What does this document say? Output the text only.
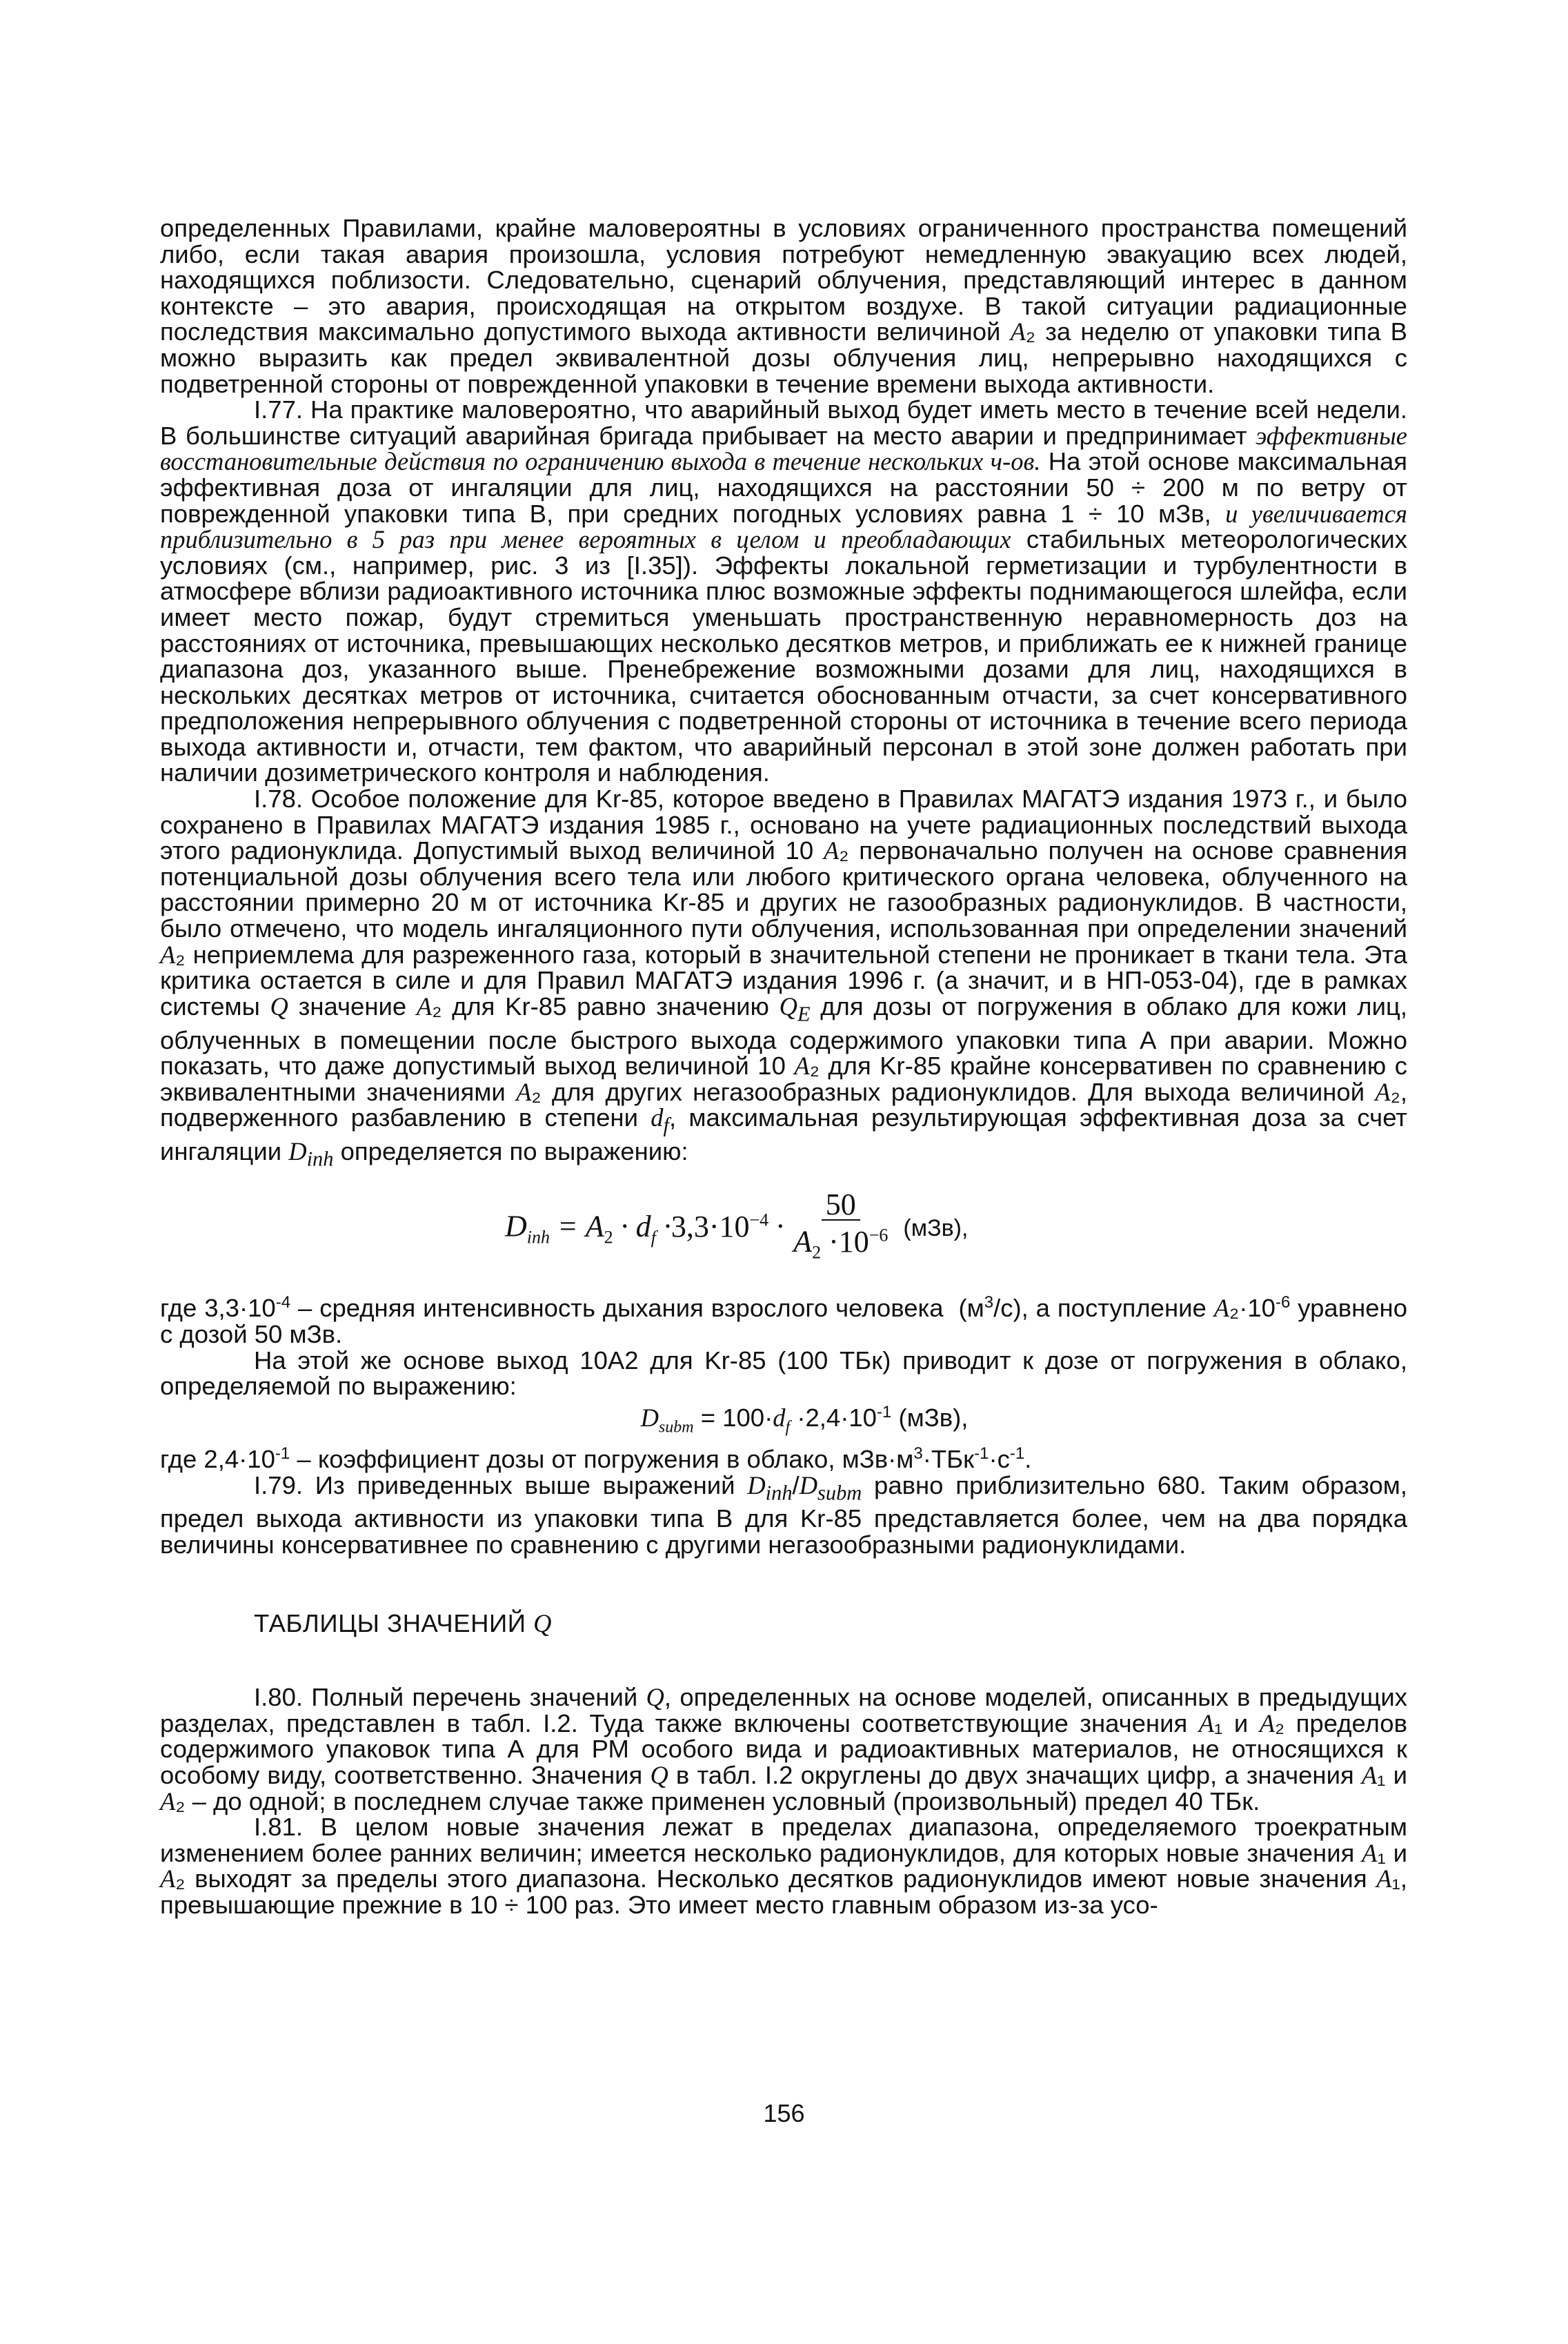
определенных Правилами, крайне маловероятны в условиях ограниченного пространства помещений либо, если такая авария произошла, условия потребуют немедленную эвакуацию всех людей, находящихся поблизости. Следовательно, сценарий облучения, представляющий интерес в данном контексте – это авария, происходящая на открытом воздухе. В такой ситуации радиационные последствия максимально допустимого выхода активности величиной A₂ за неделю от упаковки типа В можно выразить как предел эквивалентной дозы облучения лиц, непрерывно находящихся с подветренной стороны от поврежденной упаковки в течение времени выхода активности.

I.77. На практике маловероятно, что аварийный выход будет иметь место в течение всей недели. В большинстве ситуаций аварийная бригада прибывает на место аварии и предпринимает эффективные восстановительные действия по ограничению выхода в течение нескольких ч-ов. На этой основе максимальная эффективная доза от ингаляции для лиц, находящихся на расстоянии 50 ÷ 200 м по ветру от поврежденной упаковки типа В, при средних погодных условиях равна 1 ÷ 10 мЗв, и увеличивается приблизительно в 5 раз при менее вероятных в целом и преобладающих стабильных метеорологических условиях (см., например, рис. 3 из [I.35]). Эффекты локальной герметизации и турбулентности в атмосфере вблизи радиоактивного источника плюс возможные эффекты поднимающегося шлейфа, если имеет место пожар, будут стремиться уменьшать пространственную неравномерность доз на расстояниях от источника, превышающих несколько десятков метров, и приближать ее к нижней границе диапазона доз, указанного выше. Пренебрежение возможными дозами для лиц, находящихся в нескольких десятках метров от источника, считается обоснованным отчасти, за счет консервативного предположения непрерывного облучения с подветренной стороны от источника в течение всего периода выхода активности и, отчасти, тем фактом, что аварийный персонал в этой зоне должен работать при наличии дозиметрического контроля и наблюдения.

I.78. Особое положение для Kr-85, которое введено в Правилах МАГАТЭ издания 1973 г., и было сохранено в Правилах МАГАТЭ издания 1985 г., основано на учете радиационных последствий выхода этого радионуклида. Допустимый выход величиной 10 A₂ первоначально получен на основе сравнения потенциальной дозы облучения всего тела или любого критического органа человека, облученного на расстоянии примерно 20 м от источника Kr-85 и других не газообразных радионуклидов. В частности, было отмечено, что модель ингаляционного пути облучения, использованная при определении значений A₂ неприемлема для разреженного газа, который в значительной степени не проникает в ткани тела. Эта критика остается в силе и для Правил МАГАТЭ издания 1996 г. (а значит, и в НП-053-04), где в рамках системы Q значение A₂ для Kr-85 равно значению $Q_E$ для дозы от погружения в облако для кожи лиц, облученных в помещении после быстрого выхода содержимого упаковки типа А при аварии. Можно показать, что даже допустимый выход величиной 10 A₂ для Kr-85 крайне консервативен по сравнению с эквивалентными значениями A₂ для других негазообразных радионуклидов. Для выхода величиной A₂, подверженного разбавлению в степени $d_f$, максимальная результирующая эффективная доза за счет ингаляции $D_{inh}$ определяется по выражению:

$D_{inh} = A_2 \cdot d_f \cdot 3,3\cdot 10^{-4} \cdot \frac{50}{A_2 \cdot 10^{-6}} (мЗв)$,

где $3,3\cdot 10^{-4}$ – средняя интенсивность дыхания взрослого человека  $(м^3/с)$, а поступление $A_2\cdot 10^{-6}$ уравнено с дозой 50 мЗв.

На этой же основе выход 10A2 для Kr-85 (100 ТБк) приводит к дозе от погружения в облако, определяемой по выражению:

$D_{subm} = 100\cdot d_f \cdot 2,4\cdot 10^{-1}$ (мЗв),

где $2,4\cdot 10^{-1}$ – коэффициент дозы от погружения в облако, $мЗв\cdot м^3\cdot ТБк^{-1}\cdot с^{-1}$.

I.79. Из приведенных выше выражений $D_{inh}/D_{subm}$ равно приблизительно 680. Таким образом, предел выхода активности из упаковки типа В для Kr-85 представляется более, чем на два порядка величины консервативнее по сравнению с другими негазообразными радионуклидами.

ТАБЛИЦЫ ЗНАЧЕНИЙ Q

I.80. Полный перечень значений Q, определенных на основе моделей, описанных в предыдущих разделах, представлен в табл. I.2. Туда также включены соответствующие значения A₁ и A₂ пределов содержимого упаковок типа А для РМ особого вида и радиоактивных материалов, не относящихся к особому виду, соответственно. Значения Q в табл. I.2 округлены до двух значащих цифр, а значения A₁ и A₂ – до одной; в последнем случае также применен условный (произвольный) предел 40 ТБк.

I.81. В целом новые значения лежат в пределах диапазона, определяемого троекратным изменением более ранних величин; имеется несколько радионуклидов, для которых новые значения A₁ и A₂ выходят за пределы этого диапазона. Несколько десятков радионуклидов имеют новые значения A₁, превышающие прежние в 10 ÷ 100 раз. Это имеет место главным образом из-за усо-

156
